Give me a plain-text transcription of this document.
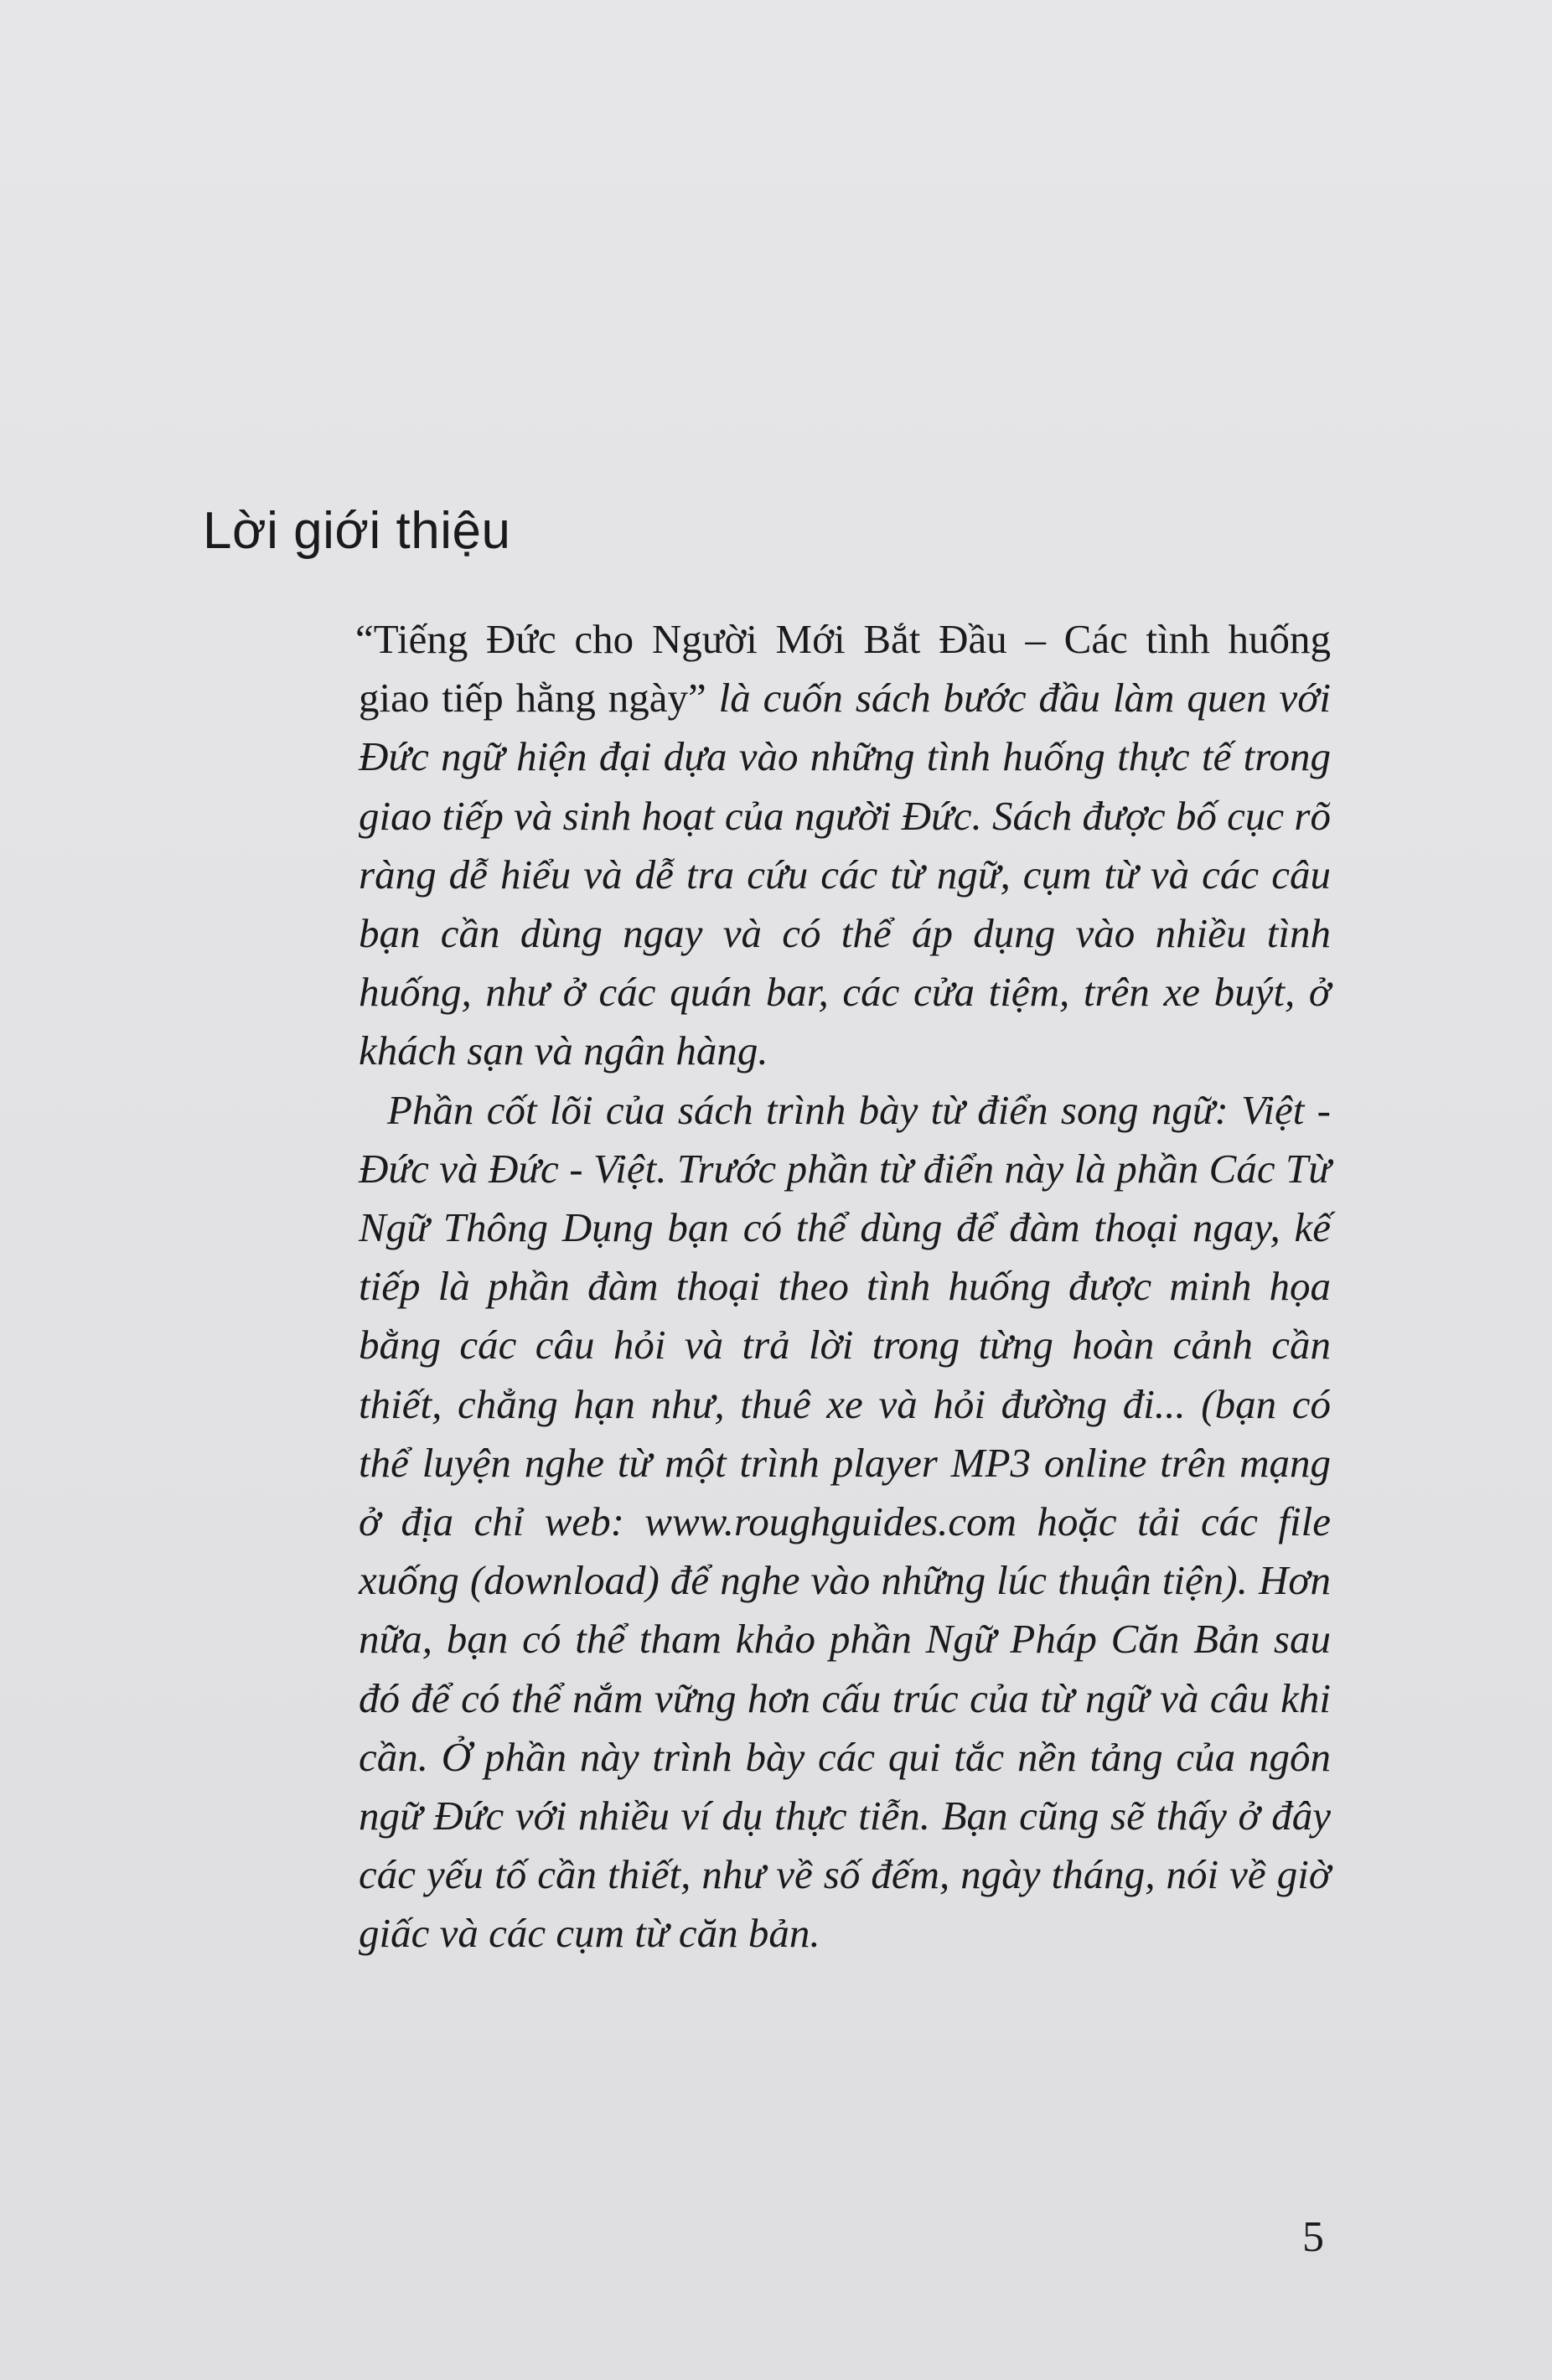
Lời giới thiệu

“Tiếng Đức cho Người Mới Bắt Đầu – Các tình huống giao tiếp hằng ngày” là cuốn sách bước đầu làm quen với Đức ngữ hiện đại dựa vào những tình huống thực tế trong giao tiếp và sinh hoạt của người Đức. Sách được bố cục rõ ràng dễ hiểu và dễ tra cứu các từ ngữ, cụm từ và các câu bạn cần dùng ngay và có thể áp dụng vào nhiều tình huống, như ở các quán bar, các cửa tiệm, trên xe buýt, ở khách sạn và ngân hàng.

Phần cốt lõi của sách trình bày từ điển song ngữ: Việt - Đức và Đức - Việt. Trước phần từ điển này là phần Các Từ Ngữ Thông Dụng bạn có thể dùng để đàm thoại ngay, kế tiếp là phần đàm thoại theo tình huống được minh họa bằng các câu hỏi và trả lời trong từng hoàn cảnh cần thiết, chẳng hạn như, thuê xe và hỏi đường đi... (bạn có thể luyện nghe từ một trình player MP3 online trên mạng ở địa chỉ web: www.roughguides.com hoặc tải các file xuống (download) để nghe vào những lúc thuận tiện). Hơn nữa, bạn có thể tham khảo phần Ngữ Pháp Căn Bản sau đó để có thể nắm vững hơn cấu trúc của từ ngữ và câu khi cần. Ở phần này trình bày các qui tắc nền tảng của ngôn ngữ Đức với nhiều ví dụ thực tiễn. Bạn cũng sẽ thấy ở đây các yếu tố cần thiết, như về số đếm, ngày tháng, nói về giờ giấc và các cụm từ căn bản.

5
